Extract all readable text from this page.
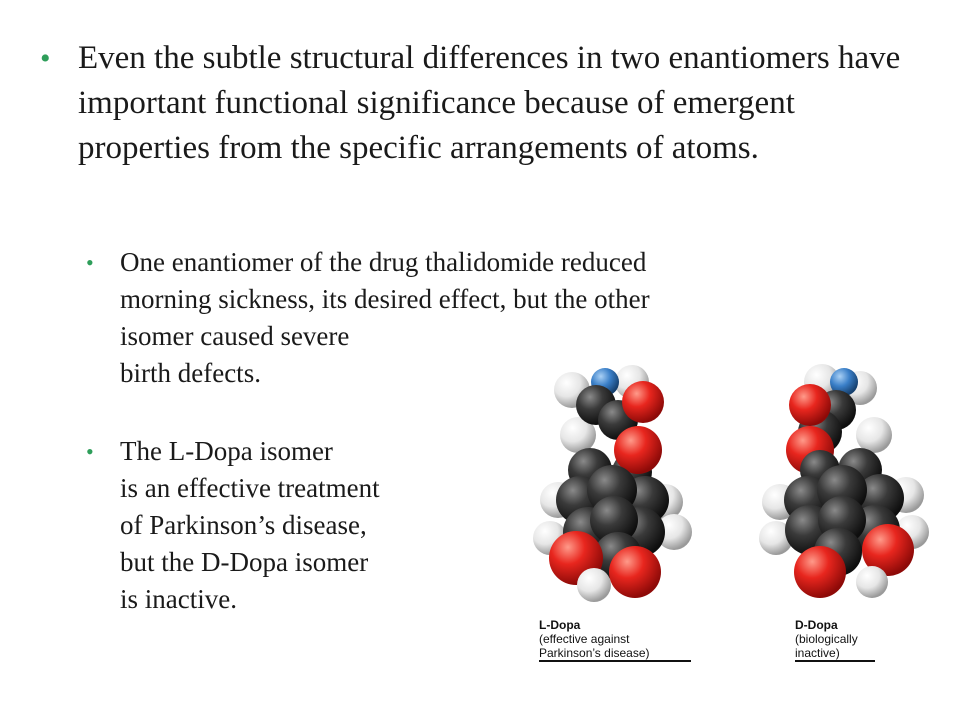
• Even the subtle structural differences in two enantiomers have important functional significance because of emergent properties from the specific arrangements of atoms.
• One enantiomer of the drug thalidomide reduced
morning sickness, its desired effect, but the other
isomer caused severe
birth defects.
• The L-Dopa isomer
is an effective treatment
of Parkinson’s disease,
but the D-Dopa isomer
is inactive.
L-Dopa
(effective against
Parkinson’s disease)
D-Dopa
(biologically
inactive)
